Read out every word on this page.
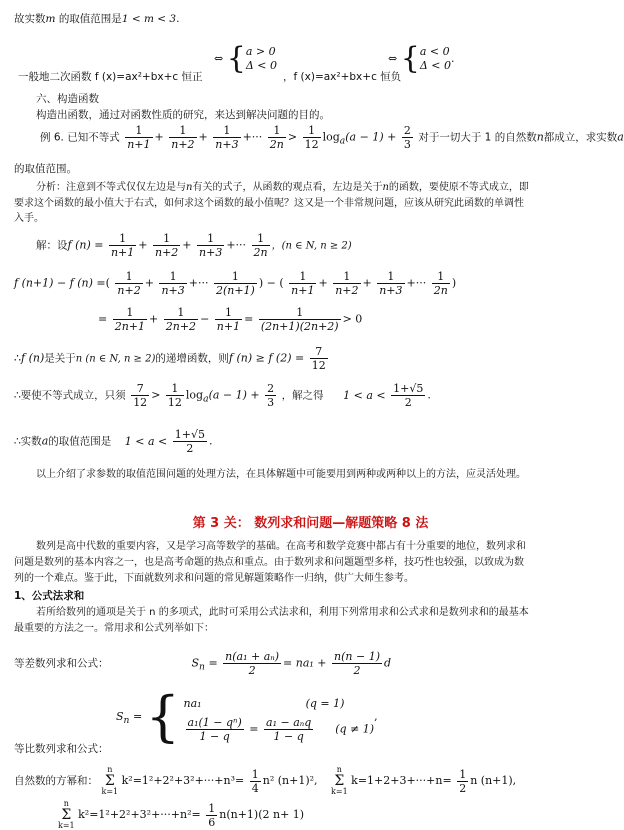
故实数m 的取值范围是1 < m < 3.
⇔ { a > 0
Δ < 0
，f (x)=ax²+bx+c 恒负
⇔ { a < 0
Δ < 0
.
一般地二次函数 f (x)=ax²+bx+c 恒正
六、构造函数
构造出函数，通过对函数性质的研究，来达到解决问题的目的。
例 6. 已知不等式 $\frac{1}{n+1} + \frac{1}{n+2} + \frac{1}{n+3}$ +··· $\frac{1}{2n} > \frac{1}{12} \log_a(a - 1) + \frac{2}{3}$ 对于一切大于 1 的自然数n都成立，求实数a
的取值范围。
分析：注意到不等式仅仅左边是与n有关的式子，从函数的观点看，左边是关于n的函数，要使原不等式成立，即
要求这个函数的最小值大于右式，如何求这个函数的最小值呢？这又是一个非常规问题，应该从研究此函数的单调性
入手。
解：设f $(n) = \frac{1}{n+1} + \frac{1}{n+2} + \frac{1}{n+3}$ +··· $\frac{1}{2n}$ ，(n ∈ N, n ≥ 2)
f (n+1) − f (n) =( $\frac{1}{n+2} + \frac{1}{n+3}$ +··· $\frac{1}{2(n+1)}$ ) − ( $\frac{1}{n+1} + \frac{1}{n+2} + \frac{1}{n+3}$ +··· $\frac{1}{2n}$ )
= $\frac{1}{2n+1} + \frac{1}{2n+2} - \frac{1}{n+1} = \frac{1}{(2n+1)(2n+2)} > 0$
∴f (n)是关于n (n ∈ N, n ≥ 2)的递增函数，则f (n) ≥ f $(2) = \frac{7}{12}$
∴要使不等式成立，只须 $\frac{7}{12} > \frac{1}{12} \log_a(a - 1) + \frac{2}{3}$ ，解之得 $1 < a < \frac{1+√5}{2}$ .
∴实数a的取值范围是 $1 < a < \frac{1+√5}{2}$ .
以上介绍了求参数的取值范围问题的处理方法，在具体解题中可能要用到两种或两种以上的方法，应灵活处理。
第 3 关： 数列求和问题—解题策略 8 法
数列是高中代数的重要内容，又是学习高等数学的基础。在高考和数学竞赛中都占有十分重要的地位，数列求和
问题是数列的基本内容之一，也是高考命题的热点和重点。由于数列求和问题题型多样，技巧性也较强，以致成为数
列的一个难点。鉴于此，下面就数列求和问题的常见解题策略作一归纳，供广大师生参考。
1、公式法求和
若所给数列的通项是关于 n 的多项式，此时可采用公式法求和，利用下列常用求和公式求和是数列求和的最基本
最重要的方法之一。常用求和公式列举如下：
等差数列求和公式：	$S_n = \frac{\text{n(a₁ + aₙ)}}{2} = na_1 + \frac{n(n - 1)}{2}$ d
$S_n$ = { na₁	(q = 1)
$\frac{\text{a₁(1 − qⁿ)}}{1 - q} = \frac{\text{a₁ − aₙq}}{1 - q} (q \ne 1)$
,
等比数列求和公式：
自然数的方幂和： n
Σ
k=1 $k^2=1^2+2^2+3^2+\cdot\cdot\cdot+n^3= \frac{1}{4} n^2$ (n+1)², n
Σ
k=1 $k=1+2+3+\cdot\cdot\cdot+n= \frac{1}{2}$ n (n+1),
n
Σ
k=1 $k^2=1^2+2^2+3^2+\cdot\cdot\cdot+n^2= \frac{1}{6} n(n+1)(2$ n+ 1)
